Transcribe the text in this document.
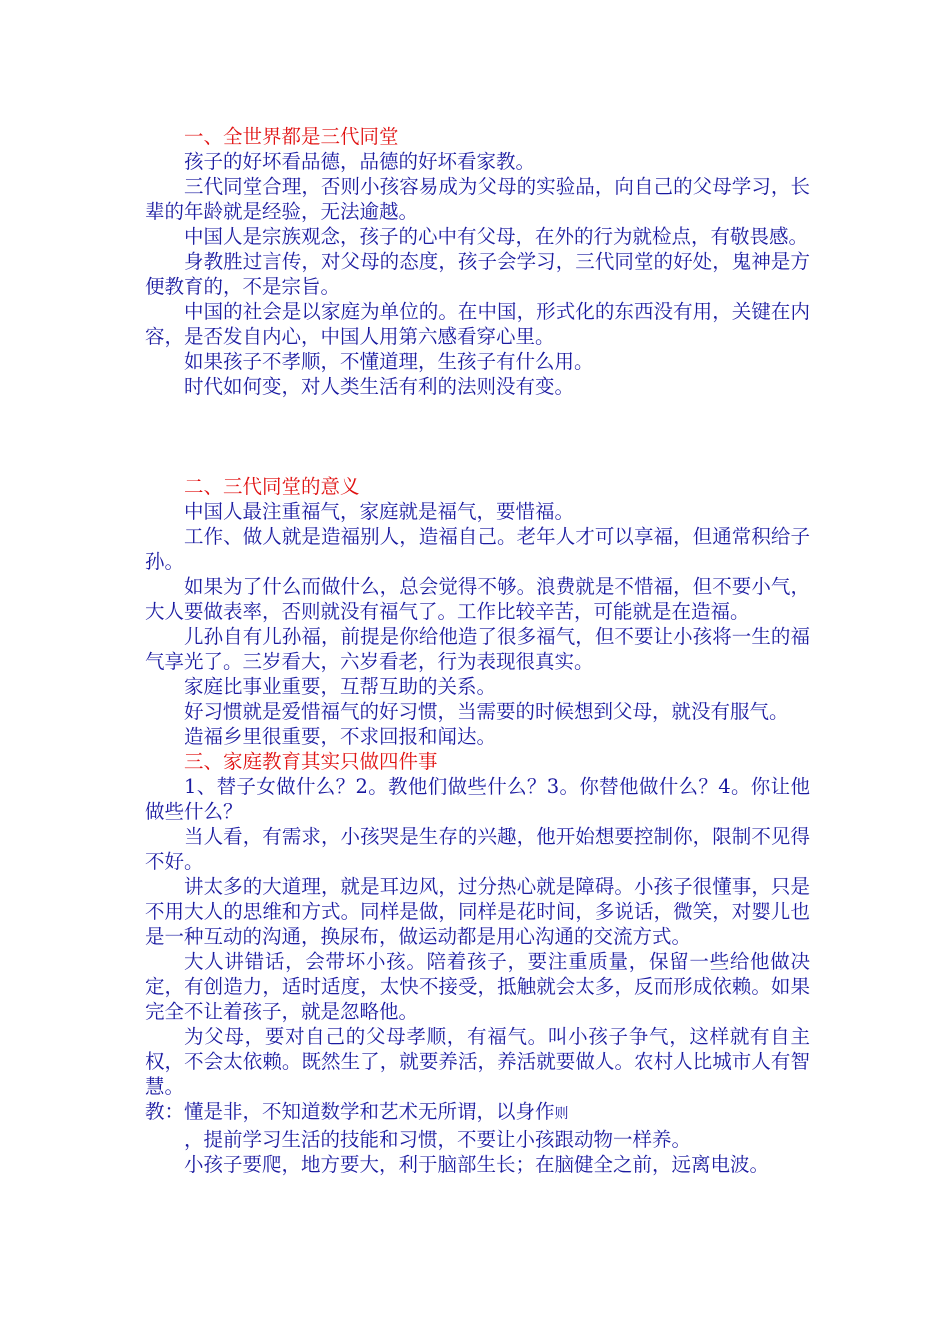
一、全世界都是三代同堂

孩子的好坏看品德，品德的好坏看家教。

三代同堂合理，否则小孩容易成为父母的实验品，向自己的父母学习，长辈的年龄就是经验，无法逾越。

中国人是宗族观念，孩子的心中有父母，在外的行为就检点，有敬畏感。

身教胜过言传，对父母的态度，孩子会学习，三代同堂的好处，鬼神是方便教育的，不是宗旨。

中国的社会是以家庭为单位的。在中国，形式化的东西没有用，关键在内容，是否发自内心，中国人用第六感看穿心里。

如果孩子不孝顺，不懂道理，生孩子有什么用。

时代如何变，对人类生活有利的法则没有变。

二、三代同堂的意义

中国人最注重福气，家庭就是福气，要惜福。

工作、做人就是造福别人，造福自己。老年人才可以享福，但通常积给子孙。

如果为了什么而做什么，总会觉得不够。浪费就是不惜福，但不要小气，大人要做表率，否则就没有福气了。工作比较辛苦，可能就是在造福。

儿孙自有儿孙福，前提是你给他造了很多福气，但不要让小孩将一生的福气享光了。三岁看大，六岁看老，行为表现很真实。

家庭比事业重要，互帮互助的关系。

好习惯就是爱惜福气的好习惯，当需要的时候想到父母，就没有服气。

造福乡里很重要，不求回报和闻达。

三、家庭教育其实只做四件事

1、替子女做什么？2。教他们做些什么？3。你替他做什么？4。你让他做些什么？

当人看，有需求，小孩哭是生存的兴趣，他开始想要控制你，限制不见得不好。

讲太多的大道理，就是耳边风，过分热心就是障碍。小孩子很懂事，只是不用大人的思维和方式。同样是做，同样是花时间，多说话，微笑，对婴儿也是一种互动的沟通，换尿布，做运动都是用心沟通的交流方式。

大人讲错话，会带坏小孩。陪着孩子，要注重质量，保留一些给他做决定，有创造力，适时适度，太快不接受，抵触就会太多，反而形成依赖。如果完全不让着孩子，就是忽略他。

为父母，要对自己的父母孝顺，有福气。叫小孩子争气，这样就有自主权，不会太依赖。既然生了，就要养活，养活就要做人。农村人比城市人有智慧。

教：懂是非，不知道数学和艺术无所谓，以身作则

，提前学习生活的技能和习惯，不要让小孩跟动物一样养。

小孩子要爬，地方要大，利于脑部生长；在脑健全之前，远离电波。
